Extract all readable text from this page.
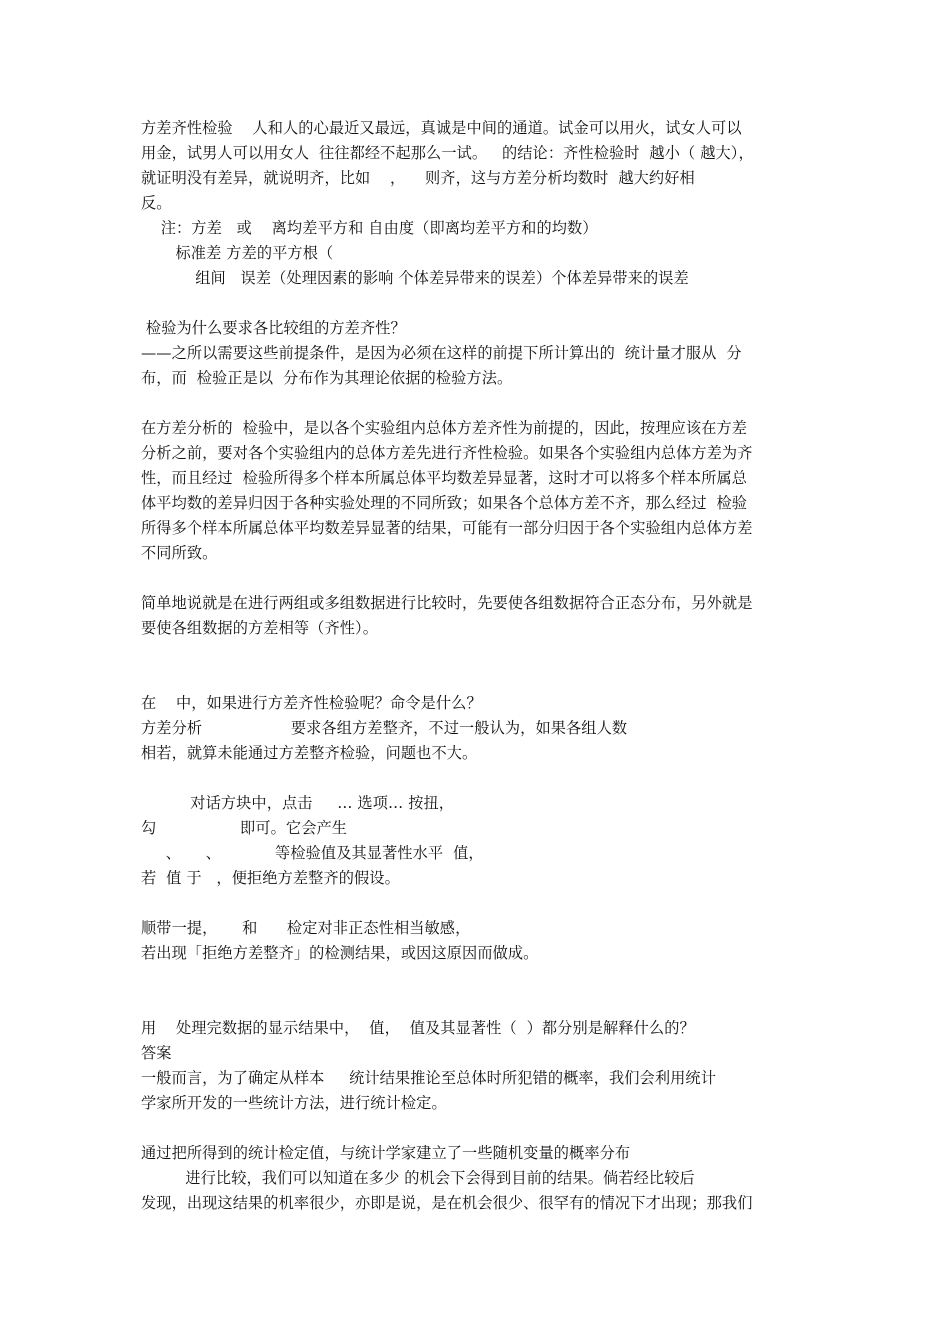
方差齐性检验    人和人的心最近又最远，真诚是中间的通道。试金可以用火，试女人可以
用金，试男人可以用女人  往往都经不起那么一试。   的结论：齐性检验时  越小（ 越大），
就证明没有差异，就说明齐，比如    ，    则齐，这与方差分析均数时  越大约好相
反。
注：方差   或    离均差平方和 自由度（即离均差平方和的均数）
标准差 方差的平方根（
组间   误差（处理因素的影响 个体差异带来的误差）个体差异带来的误差
检验为什么要求各比较组的方差齐性？
——之所以需要这些前提条件，是因为必须在这样的前提下所计算出的  统计量才服从  分
布，而  检验正是以  分布作为其理论依据的检验方法。
在方差分析的  检验中，是以各个实验组内总体方差齐性为前提的，因此，按理应该在方差
分析之前，要对各个实验组内的总体方差先进行齐性检验。如果各个实验组内总体方差为齐
性，而且经过  检验所得多个样本所属总体平均数差异显著，这时才可以将多个样本所属总
体平均数的差异归因于各种实验处理的不同所致；如果各个总体方差不齐，那么经过  检验
所得多个样本所属总体平均数差异显著的结果，可能有一部分归因于各个实验组内总体方差
不同所致。
简单地说就是在进行两组或多组数据进行比较时，先要使各组数据符合正态分布，另外就是
要使各组数据的方差相等（齐性）。
在    中，如果进行方差齐性检验呢？命令是什么？
方差分析                  要求各组方差整齐，不过一般认为，如果各组人数
相若，就算未能通过方差整齐检验，问题也不大。
对话方块中，点击     … 选项… 按扭，
勾                 即可。它会产生
、     、           等检验值及其显著性水平  值，
若  值 于   ，便拒绝方差整齐的假设。
顺带一提，     和      检定对非正态性相当敏感，
若出现「拒绝方差整齐」的检测结果，或因这原因而做成。
用    处理完数据的显示结果中，  值，  值及其显著性（  ）都分别是解释什么的？
答案
一般而言，为了确定从样本     统计结果推论至总体时所犯错的概率，我们会利用统计
学家所开发的一些统计方法，进行统计检定。
通过把所得到的统计检定值，与统计学家建立了一些随机变量的概率分布
进行比较，我们可以知道在多少 的机会下会得到目前的结果。倘若经比较后
发现，出现这结果的机率很少，亦即是说，是在机会很少、很罕有的情况下才出现；那我们
